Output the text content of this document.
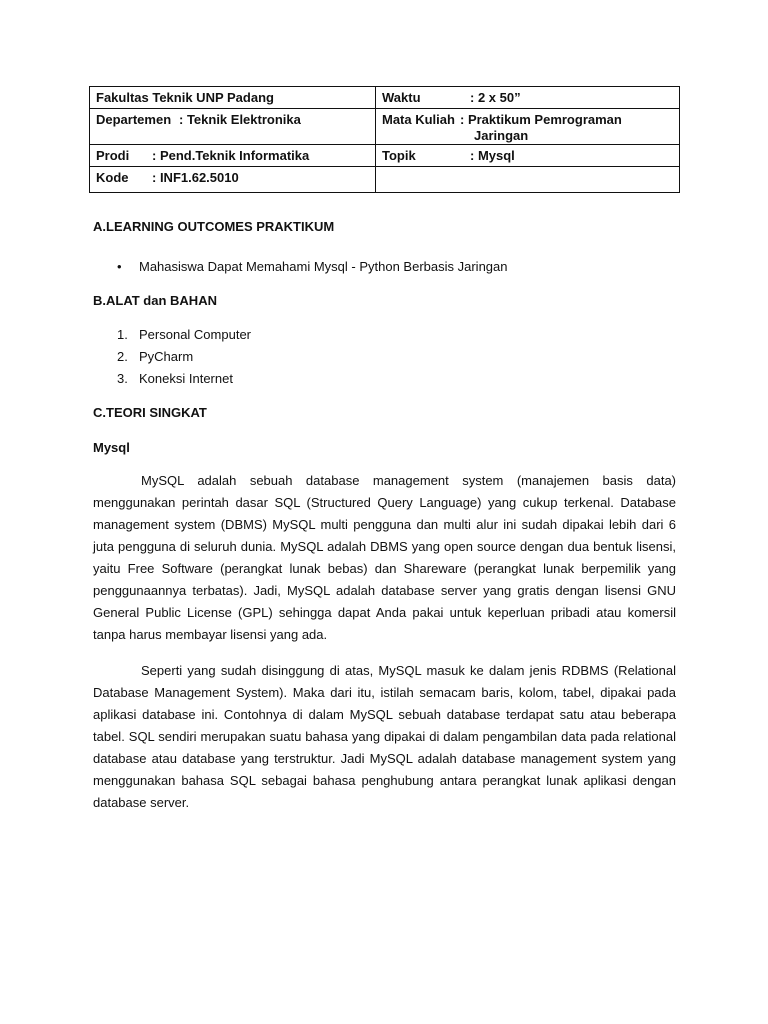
Fakultas Teknik UNP Padang	Waktu : 2 x 50”
Departemen : Teknik Elektronika	Mata Kuliah : Praktikum Pemrograman
Jaringan

Prodi : Pend.Teknik Informatika	Topik : Mysql
Kode : INF1.62.5010	
A.LEARNING OUTCOMES PRAKTIKUM
• Mahasiswa Dapat Memahami Mysql - Python Berbasis Jaringan
B.ALAT dan BAHAN
1. Personal Computer
2. PyCharm
3. Koneksi Internet
C.TEORI SINGKAT
Mysql

MySQL adalah sebuah database management system (manajemen basis data) menggunakan perintah dasar SQL (Structured Query Language) yang cukup terkenal. Database management system (DBMS) MySQL multi pengguna dan multi alur ini sudah dipakai lebih dari 6 juta pengguna di seluruh dunia. MySQL adalah DBMS yang open source dengan dua bentuk lisensi, yaitu Free Software (perangkat lunak bebas) dan Shareware (perangkat lunak berpemilik yang penggunaannya terbatas). Jadi, MySQL adalah database server yang gratis dengan lisensi GNU General Public License (GPL) sehingga dapat Anda pakai untuk keperluan pribadi atau komersil tanpa harus membayar lisensi yang ada.

Seperti yang sudah disinggung di atas, MySQL masuk ke dalam jenis RDBMS (Relational Database Management System). Maka dari itu, istilah semacam baris, kolom, tabel, dipakai pada aplikasi database ini. Contohnya di dalam MySQL sebuah database terdapat satu atau beberapa tabel. SQL sendiri merupakan suatu bahasa yang dipakai di dalam pengambilan data pada relational database atau database yang terstruktur. Jadi MySQL adalah database management system yang menggunakan bahasa SQL sebagai bahasa penghubung antara perangkat lunak aplikasi dengan database server.
